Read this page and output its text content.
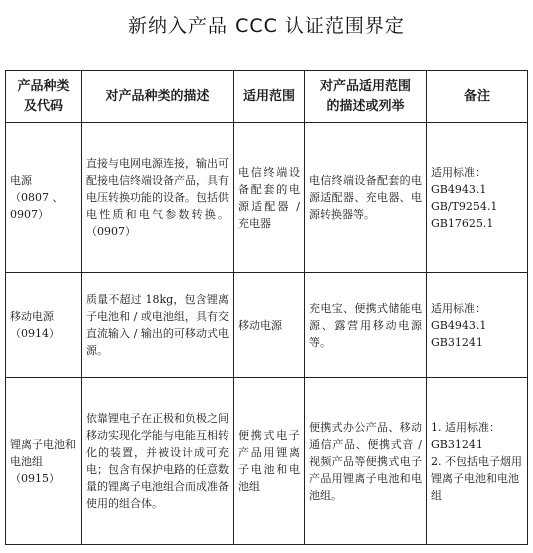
新纳入产品 CCC 认证范围界定
产品种类
及代码	对产品种类的描述	适用范围	对产品适用范围
的描述或列举	备注
电源
（0807 、
0907）	直接与电网电源连接，输出可配接电信终端设备产品，具有电压转换功能的设备。包括供电性质和电气参数转换。（0907）	电信终端设备配套的电源适配器 / 充电器	电信终端设备配套的电源适配器、充电器、电源转换器等。	适用标准：
GB4943.1
GB/T9254.1
GB17625.1
移动电源
（0914）	质量不超过 18kg，包含锂离子电池和 / 或电池组，具有交直流输入 / 输出的可移动式电源。	移动电源	充电宝、便携式储能电源、露营用移动电源等。	适用标准：
GB4943.1
GB31241
锂离子电池和电池组
（0915）	依靠锂电子在正极和负极之间移动实现化学能与电能互相转化的装置，并被设计成可充电；包含有保护电路的任意数量的锂离子电池组合而成准备使用的组合体。	便携式电子产品用锂离子电池和电池组	便携式办公产品、移动通信产品、便携式音 / 视频产品等便携式电子产品用锂离子电池和电池组。	1. 适用标准：
GB31241
2. 不包括电子烟用锂离子电池和电池组
